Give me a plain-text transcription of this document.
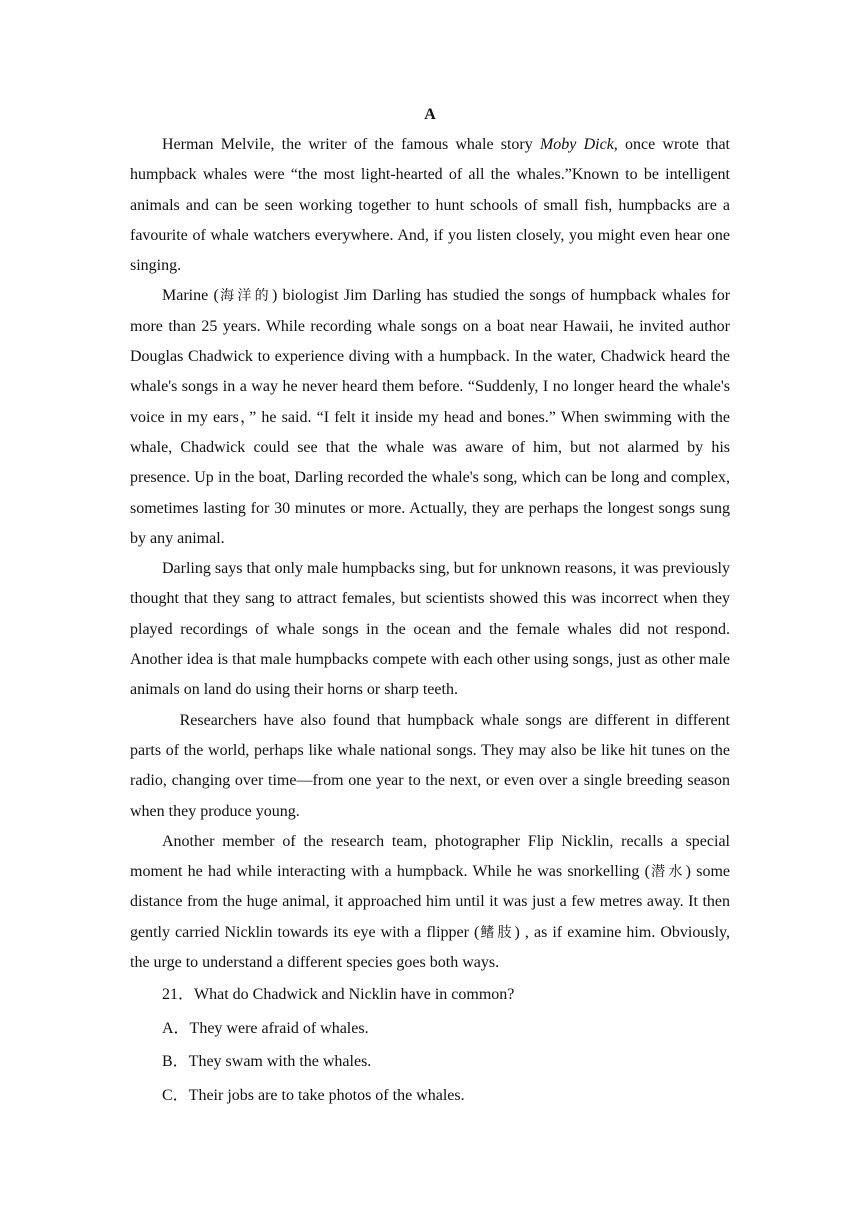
A

Herman Melvile, the writer of the famous whale story Moby Dick, once wrote that humpback whales were “the most light-hearted of all the whales.”Known to be intelligent animals and can be seen working together to hunt schools of small fish, humpbacks are a favourite of whale watchers everywhere. And, if you listen closely, you might even hear one singing.

Marine (海洋的) biologist Jim Darling has studied the songs of humpback whales for more than 25 years. While recording whale songs on a boat near Hawaii, he invited author Douglas Chadwick to experience diving with a humpback. In the water, Chadwick heard the whale's songs in a way he never heard them before. “Suddenly, I no longer heard the whale's voice in my ears，” he said. “I felt it inside my head and bones.” When swimming with the whale, Chadwick could see that the whale was aware of him, but not alarmed by his presence. Up in the boat, Darling recorded the whale's song, which can be long and complex, sometimes lasting for 30 minutes or more. Actually, they are perhaps the longest songs sung by any animal.

Darling says that only male humpbacks sing, but for unknown reasons, it was previously thought that they sang to attract females, but scientists showed this was incorrect when they played recordings of whale songs in the ocean and the female whales did not respond. Another idea is that male humpbacks compete with each other using songs, just as other male animals on land do using their horns or sharp teeth.

Researchers have also found that humpback whale songs are different in different parts of the world, perhaps like whale national songs. They may also be like hit tunes on the radio, changing over time—from one year to the next, or even over a single breeding season when they produce young.

Another member of the research team, photographer Flip Nicklin, recalls a special moment he had while interacting with a humpback. While he was snorkelling (潜水) some distance from the huge animal, it approached him until it was just a few metres away. It then gently carried Nicklin towards its eye with a flipper (鳍肢) , as if examine him. Obviously, the urge to understand a different species goes both ways.

21．What do Chadwick and Nicklin have in common?

A．They were afraid of whales.

B．They swam with the whales.

C．Their jobs are to take photos of the whales.
